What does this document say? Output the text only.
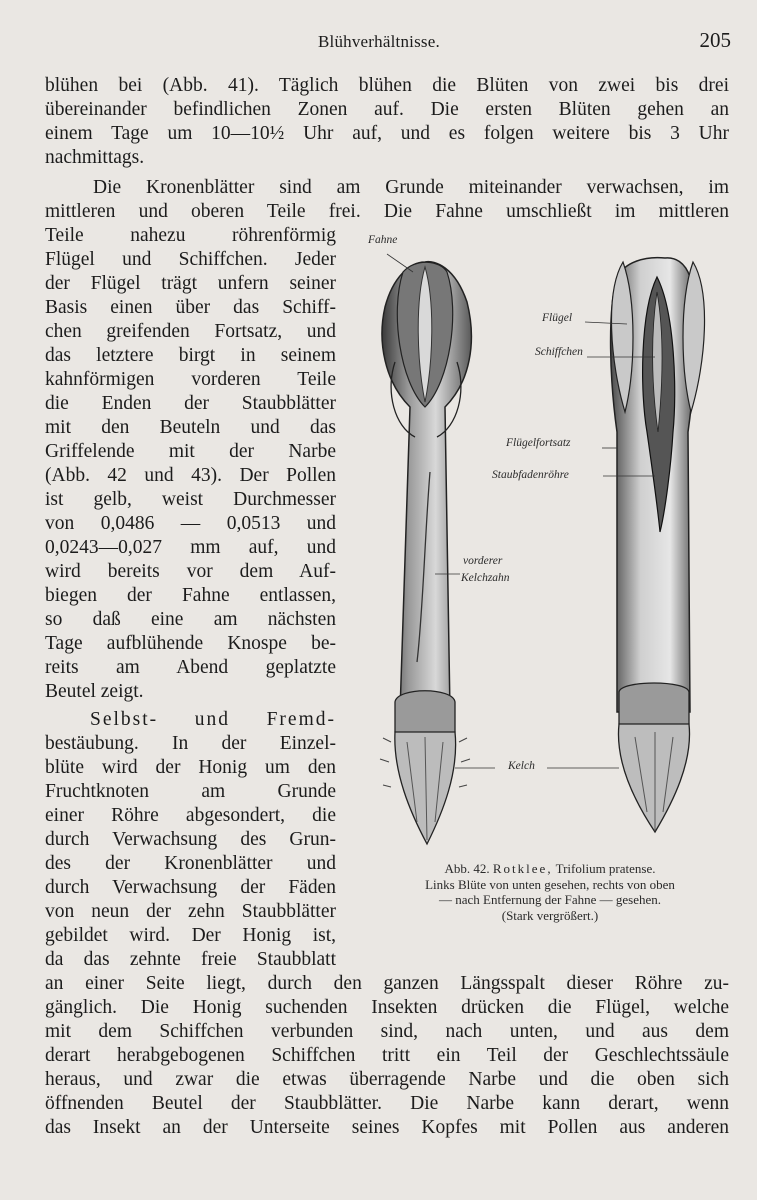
Blühverhältnisse.	205
blühen bei (Abb. 41). Täglich blühen die Blüten von zwei bis drei
übereinander befindlichen Zonen auf. Die ersten Blüten gehen an
einem Tage um 10—10½ Uhr auf, und es folgen weitere bis 3 Uhr
nachmittags.
Die Kronenblätter sind am Grunde miteinander verwachsen, im
mittleren und oberen Teile frei. Die Fahne umschließt im mittleren
Teile nahezu röhrenförmig
Flügel und Schiffchen. Jeder
der Flügel trägt unfern seiner
Basis einen über das Schiff-
chen greifenden Fortsatz, und
das letztere birgt in seinem
kahnförmigen vorderen Teile
die Enden der Staubblätter
mit den Beuteln und das
Griffelende mit der Narbe
(Abb. 42 und 43). Der Pollen
ist gelb, weist Durchmesser
von 0,0486 — 0,0513 und
0,0243—0,027 mm auf, und
wird bereits vor dem Auf-
biegen der Fahne entlassen,
so daß eine am nächsten
Tage aufblühende Knospe be-
reits am Abend geplatzte
Beutel zeigt.
Selbst- und Fremd-
bestäubung. In der Einzel-
blüte wird der Honig um den
Fruchtknoten am Grunde
einer Röhre abgesondert, die
durch Verwachsung des Grun-
des der Kronenblätter und
durch Verwachsung der Fäden
von neun der zehn Staubblätter
gebildet wird. Der Honig ist,
da das zehnte freie Staubblatt
an einer Seite liegt, durch den ganzen Längsspalt dieser Röhre zu-
gänglich. Die Honig suchenden Insekten drücken die Flügel, welche
mit dem Schiffchen verbunden sind, nach unten, und aus dem
derart herabgebogenen Schiffchen tritt ein Teil der Geschlechtssäule
heraus, und zwar die etwas überragende Narbe und die oben sich
öffnenden Beutel der Staubblätter. Die Narbe kann derart, wenn
das Insekt an der Unterseite seines Kopfes mit Pollen aus anderen
Fahne
Flügel
Schiffchen
Flügelfortsatz
Staubfadenröhre
vorderer
Kelchzahn
Kelch
Abb. 42. Rotklee, Trifolium pratense.
Links Blüte von unten gesehen, rechts von oben
— nach Entfernung der Fahne — gesehen.
(Stark vergrößert.)
